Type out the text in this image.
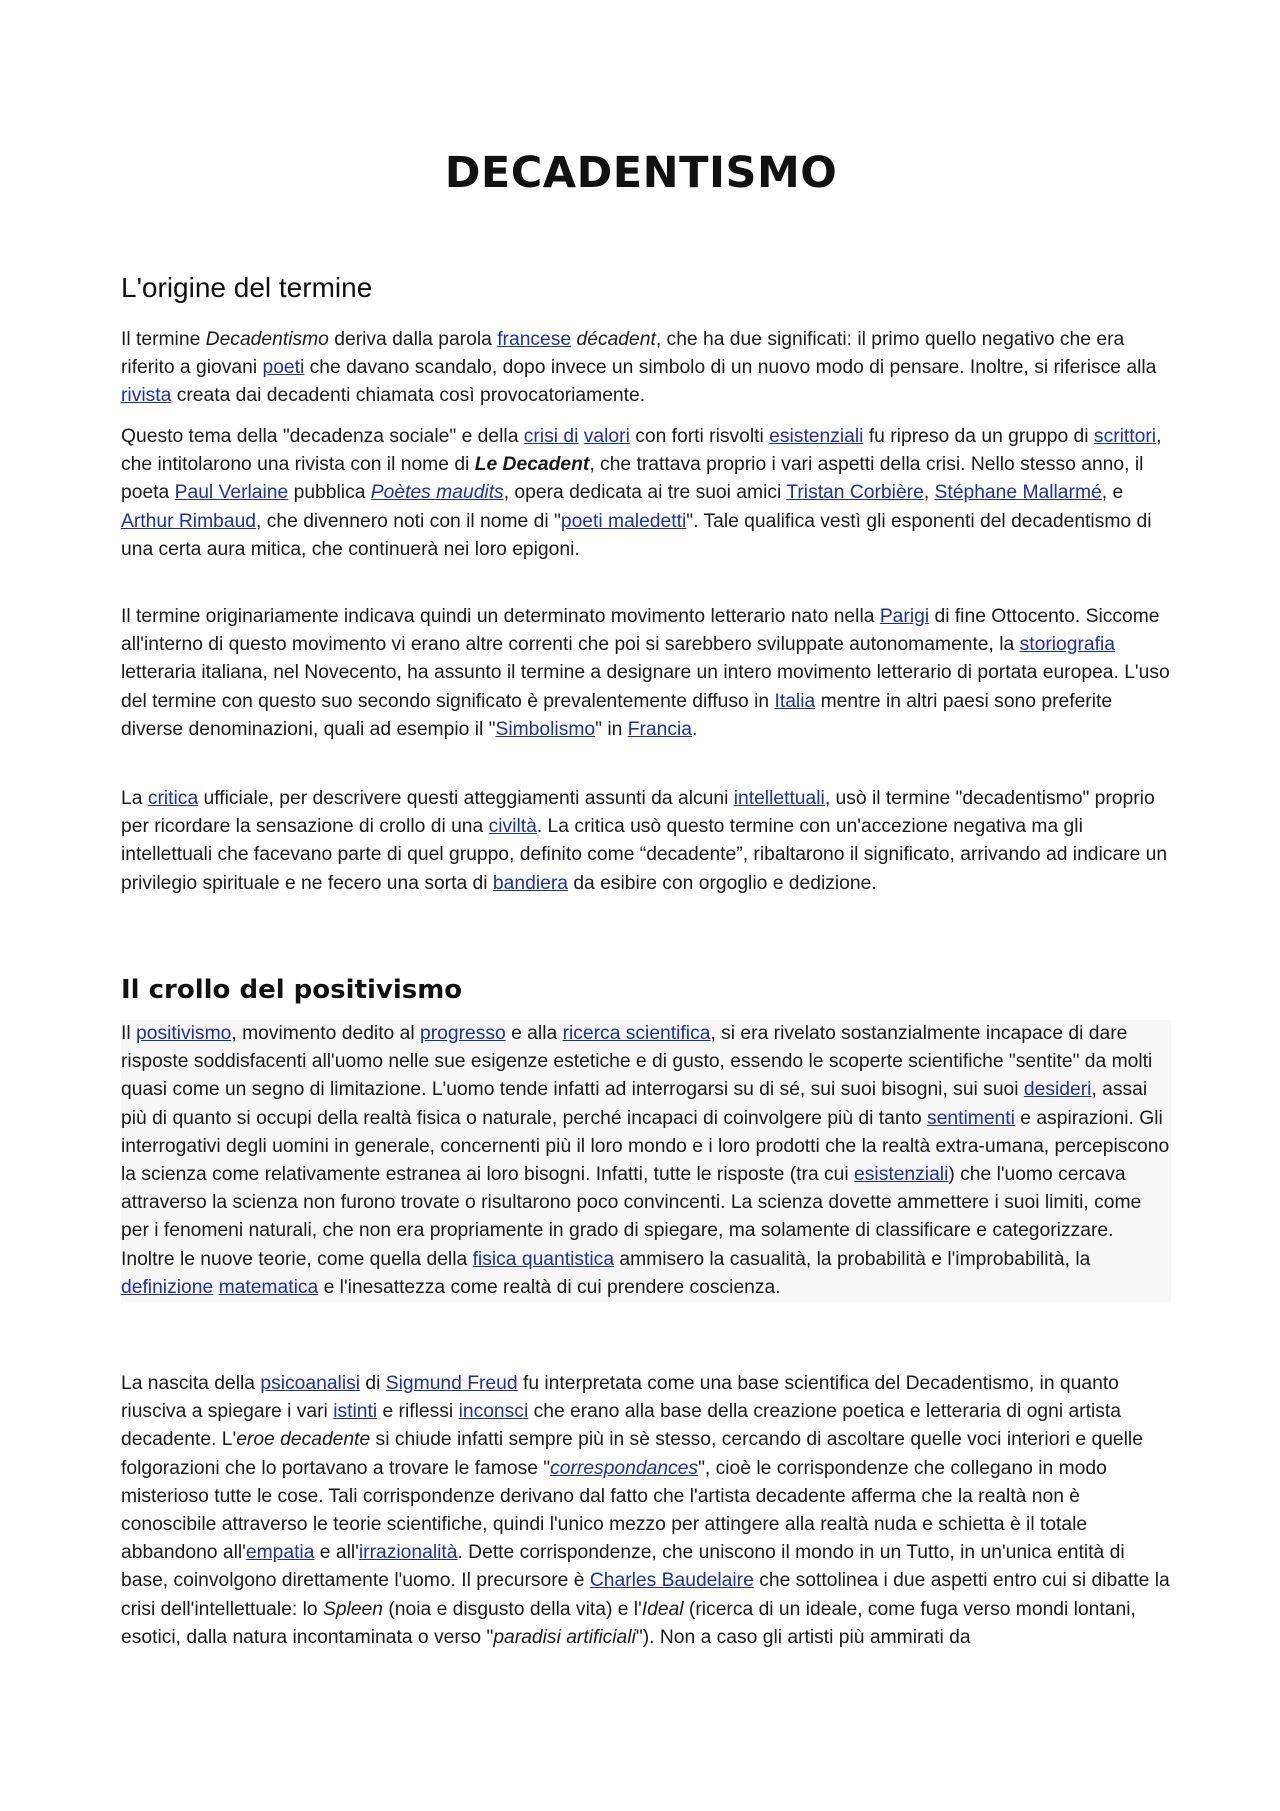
DECADENTISMO
L'origine del termine

Il termine Decadentismo deriva dalla parola francese décadent, che ha due significati: il primo quello negativo che era riferito a giovani poeti che davano scandalo, dopo invece un simbolo di un nuovo modo di pensare. Inoltre, si riferisce alla rivista creata dai decadenti chiamata così provocatoriamente.

Questo tema della "decadenza sociale" e della crisi di valori con forti risvolti esistenziali fu ripreso da un gruppo di scrittori, che intitolarono una rivista con il nome di Le Decadent, che trattava proprio i vari aspetti della crisi. Nello stesso anno, il poeta Paul Verlaine pubblica Poètes maudits, opera dedicata ai tre suoi amici Tristan Corbière, Stéphane Mallarmé, e Arthur Rimbaud, che divennero noti con il nome di "poeti maledetti". Tale qualifica vestì gli esponenti del decadentismo di una certa aura mitica, che continuerà nei loro epigoni.

Il termine originariamente indicava quindi un determinato movimento letterario nato nella Parigi di fine Ottocento. Siccome all'interno di questo movimento vi erano altre correnti che poi si sarebbero sviluppate autonomamente, la storiografia letteraria italiana, nel Novecento, ha assunto il termine a designare un intero movimento letterario di portata europea. L'uso del termine con questo suo secondo significato è prevalentemente diffuso in Italia mentre in altri paesi sono preferite diverse denominazioni, quali ad esempio il "Simbolismo" in Francia.

La critica ufficiale, per descrivere questi atteggiamenti assunti da alcuni intellettuali, usò il termine "decadentismo" proprio per ricordare la sensazione di crollo di una civiltà. La critica usò questo termine con un'accezione negativa ma gli intellettuali che facevano parte di quel gruppo, definito come “decadente”, ribaltarono il significato, arrivando ad indicare un privilegio spirituale e ne fecero una sorta di bandiera da esibire con orgoglio e dedizione.

Il crollo del positivismo

Il positivismo, movimento dedito al progresso e alla ricerca scientifica, si era rivelato sostanzialmente incapace di dare risposte soddisfacenti all'uomo nelle sue esigenze estetiche e di gusto, essendo le scoperte scientifiche "sentite" da molti quasi come un segno di limitazione. L'uomo tende infatti ad interrogarsi su di sé, sui suoi bisogni, sui suoi desideri, assai più di quanto si occupi della realtà fisica o naturale, perché incapaci di coinvolgere più di tanto sentimenti e aspirazioni. Gli interrogativi degli uomini in generale, concernenti più il loro mondo e i loro prodotti che la realtà extra-umana, percepiscono la scienza come relativamente estranea ai loro bisogni. Infatti, tutte le risposte (tra cui esistenziali) che l'uomo cercava attraverso la scienza non furono trovate o risultarono poco convincenti. La scienza dovette ammettere i suoi limiti, come per i fenomeni naturali, che non era propriamente in grado di spiegare, ma solamente di classificare e categorizzare. Inoltre le nuove teorie, come quella della fisica quantistica ammisero la casualità, la probabilità e l'improbabilità, la definizione matematica e l'inesattezza come realtà di cui prendere coscienza.

La nascita della psicoanalisi di Sigmund Freud fu interpretata come una base scientifica del Decadentismo, in quanto riusciva a spiegare i vari istinti e riflessi inconsci che erano alla base della creazione poetica e letteraria di ogni artista decadente. L'eroe decadente si chiude infatti sempre più in sè stesso, cercando di ascoltare quelle voci interiori e quelle folgorazioni che lo portavano a trovare le famose "correspondances", cioè le corrispondenze che collegano in modo misterioso tutte le cose. Tali corrispondenze derivano dal fatto che l'artista decadente afferma che la realtà non è conoscibile attraverso le teorie scientifiche, quindi l'unico mezzo per attingere alla realtà nuda e schietta è il totale abbandono all'empatia e all'irrazionalità. Dette corrispondenze, che uniscono il mondo in un Tutto, in un'unica entità di base, coinvolgono direttamente l'uomo. Il precursore è Charles Baudelaire che sottolinea i due aspetti entro cui si dibatte la crisi dell'intellettuale: lo Spleen (noia e disgusto della vita) e l'Ideal (ricerca di un ideale, come fuga verso mondi lontani, esotici, dalla natura incontaminata o verso "paradisi artificiali"). Non a caso gli artisti più ammirati da
